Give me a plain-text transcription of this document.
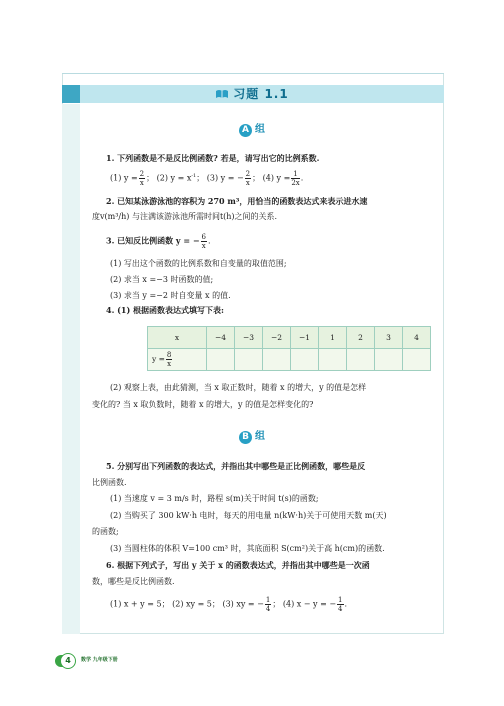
习题 1.1
A 组
1. 下列函数是不是反比例函数? 若是，请写出它的比例系数.
(1) $y = \frac{2}{x}$ ； (2) $y = x^{-1}$； (3) y = − $\frac{2}{x}$ ； (4) $y = \frac{1}{2x}$ .
2. 已知某泳游泳池的容积为 270 m³，用恰当的函数表达式来表示进水速
度v(m³/h) 与注满该游泳池所需时间t(h)之间的关系.
3. 已知反比例函数 y = − $\frac{6}{x}$ .
(1) 写出这个函数的比例系数和自变量的取值范围;
(2) 求当 x =−3 时函数的值;
(3) 求当 y =−2 时自变量 x 的值.
4. (1) 根据函数表达式填写下表:
x	−4	−3	−2	−1	1	2	3	4
$y = \frac{8}{x}$

(2) 观察上表，由此猜测，当 x 取正数时，随着 x 的增大，y 的值是怎样
变化的? 当 x 取负数时，随着 x 的增大，y 的值是怎样变化的?
B 组
5. 分别写出下列函数的表达式，并指出其中哪些是正比例函数，哪些是反
比例函数.
(1) 当速度 v = 3 m/s 时，路程 s(m)关于时间 t(s)的函数;
(2) 当购买了 300 kW·h 电时，每天的用电量 n(kW·h)关于可使用天数 m(天)
的函数;
(3) 当圆柱体的体积 V=100 cm³ 时，其底面积 S(cm²)关于高 h(cm)的函数.
6. 根据下列式子，写出 y 关于 x 的函数表达式，并指出其中哪些是一次函
数，哪些是反比例函数.
(1) x + y = 5； (2) xy = 5； (3) xy = − $\frac{1}{4}$ ； (4) x − y = − $\frac{1}{4}$ .
4	数学 九年级下册
